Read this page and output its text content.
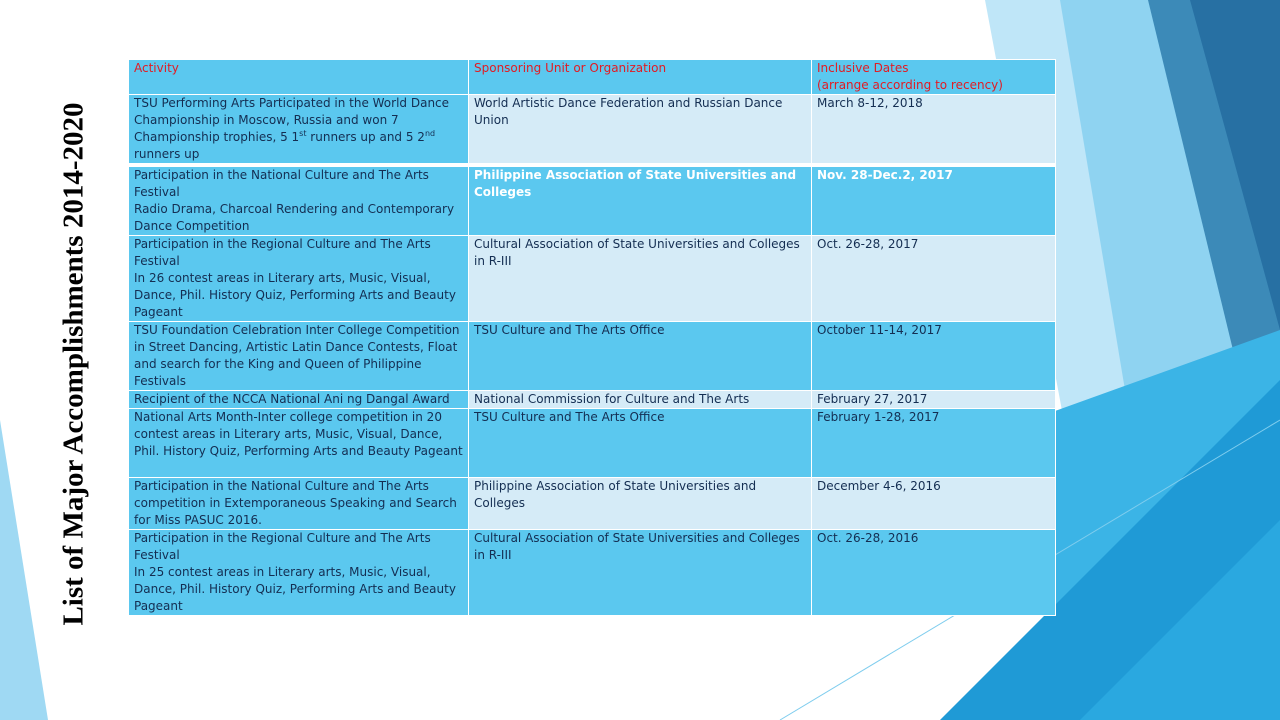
List of Major Accomplishments 2014-2020
Activity	Sponsoring Unit or Organization	Inclusive Dates
(arrange according to recency)

TSU Performing Arts Participated in the World Dance Championship in Moscow, Russia and won 7 Championship trophies, 5 1st runners up and 5 2nd runners up	World Artistic Dance Federation and Russian Dance Union	March 8-12, 2018

Participation in the National Culture and The Arts Festival
Radio Drama, Charcoal Rendering and Contemporary Dance Competition	Philippine Association of State Universities and Colleges	Nov. 28-Dec.2, 2017

Participation in the Regional Culture and The Arts Festival
In 26 contest areas in Literary arts, Music, Visual, Dance, Phil. History Quiz, Performing Arts and Beauty Pageant	Cultural Association of State Universities and Colleges in R-III	Oct. 26-28, 2017
TSU Foundation Celebration Inter College Competition in Street Dancing, Artistic Latin Dance Contests, Float and search for the King and Queen of Philippine Festivals	TSU Culture and The Arts Office	October 11-14, 2017
Recipient of the NCCA National Ani ng Dangal Award	National Commission for Culture and The Arts	February 27, 2017
National Arts Month-Inter college competition in 20 contest areas in Literary arts, Music, Visual, Dance, Phil. History Quiz, Performing Arts and Beauty Pageant	TSU Culture and The Arts Office	February 1-28, 2017
Participation in the National Culture and The Arts competition in Extemporaneous Speaking and Search for Miss PASUC 2016.	Philippine Association of State Universities and Colleges	December 4-6, 2016

Participation in the Regional Culture and The Arts Festival
In 25 contest areas in Literary arts, Music, Visual, Dance, Phil. History Quiz, Performing Arts and Beauty Pageant	Cultural Association of State Universities and Colleges in R-III	Oct. 26-28, 2016
